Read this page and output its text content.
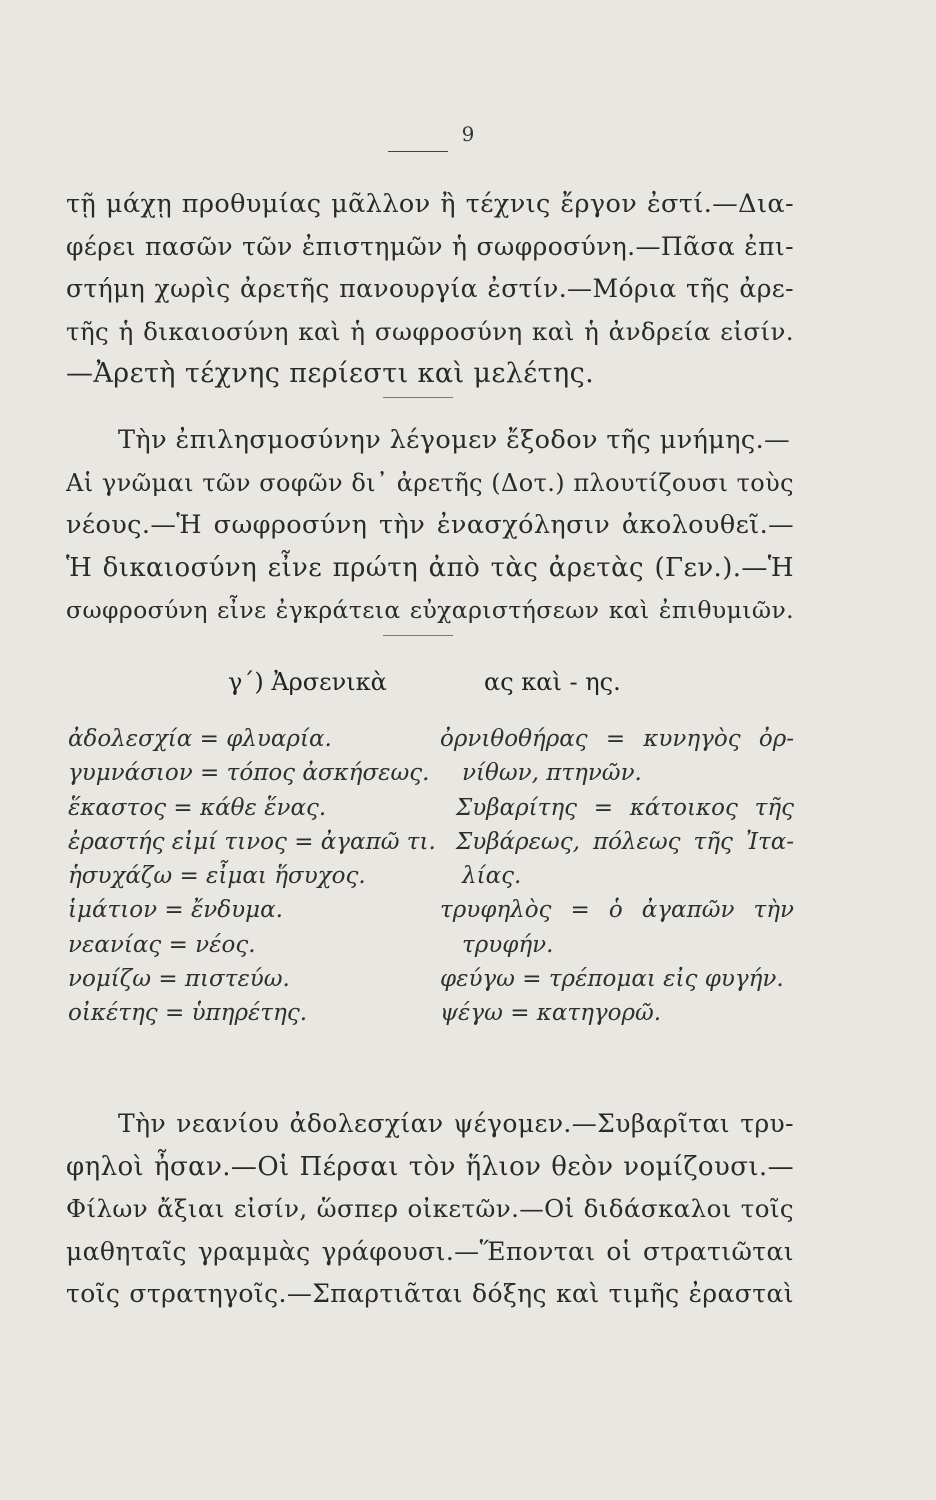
9
τῇ μάχῃ προθυμίας μᾶλλον ἢ τέχνις ἔργον ἐστί.—Δια-
φέρει πασῶν τῶν ἐπιστημῶν ἡ σωφροσύνη.—Πᾶσα ἐπι-
στήμη χωρὶς ἀρετῆς πανουργία ἐστίν.—Μόρια τῆς ἀρε-
τῆς ἡ δικαιοσύνη καὶ ἡ σωφροσύνη καὶ ἡ ἀνδρεία εἰσίν.
—Ἀρετὴ τέχνης περίεστι καὶ μελέτης.
Τὴν ἐπιλησμοσύνην λέγομεν ἔξοδον τῆς μνήμης.—
Αἱ γνῶμαι τῶν σοφῶν δι᾽ ἀρετῆς (Δοτ.) πλουτίζουσι τοὺς
νέους.—Ἡ σωφροσύνη τὴν ἐνασχόλησιν ἀκολουθεῖ.—
Ἡ δικαιοσύνη εἶνε πρώτη ἀπὸ τὰς ἀρετὰς (Γεν.).—Ἡ
σωφροσύνη εἶνε ἐγκράτεια εὐχαριστήσεων καὶ ἐπιθυμιῶν.
γ΄) Ἀρσενικὰ	ας καὶ - ης.
ἀδολεσχία = φλυαρία.
γυμνάσιον = τόπος ἀσκήσεως.
ἕκαστος = κάθε ἕνας.
ἐραστής εἰμί τινος = ἀγαπῶ τι.
ἡσυχάζω = εἶμαι ἥσυχος.
ἱμάτιον = ἔνδυμα.
νεανίας = νέος.
νομίζω = πιστεύω.
οἰκέτης = ὑπηρέτης.
ὀρνιθοθήρας = κυνηγὸς ὀρ-
νίθων, πτηνῶν.
Συβαρίτης = κάτοικος τῆς
Συβάρεως, πόλεως τῆς Ἰτα-
λίας.
τρυφηλὸς = ὁ ἀγαπῶν τὴν
τρυφήν.
φεύγω = τρέπομαι εἰς φυγήν.
ψέγω = κατηγορῶ.
Τὴν νεανίου ἀδολεσχίαν ψέγομεν.—Συβαρῖται τρυ-
φηλοὶ ἦσαν.—Οἱ Πέρσαι τὸν ἥλιον θεὸν νομίζουσι.—
Φίλων ἄξιαι εἰσίν, ὥσπερ οἰκετῶν.—Οἱ διδάσκαλοι τοῖς
μαθηταῖς γραμμὰς γράφουσι.—Ἕπονται οἱ στρατιῶται
τοῖς στρατηγοῖς.—Σπαρτιᾶται δόξης καὶ τιμῆς ἐρασταὶ
